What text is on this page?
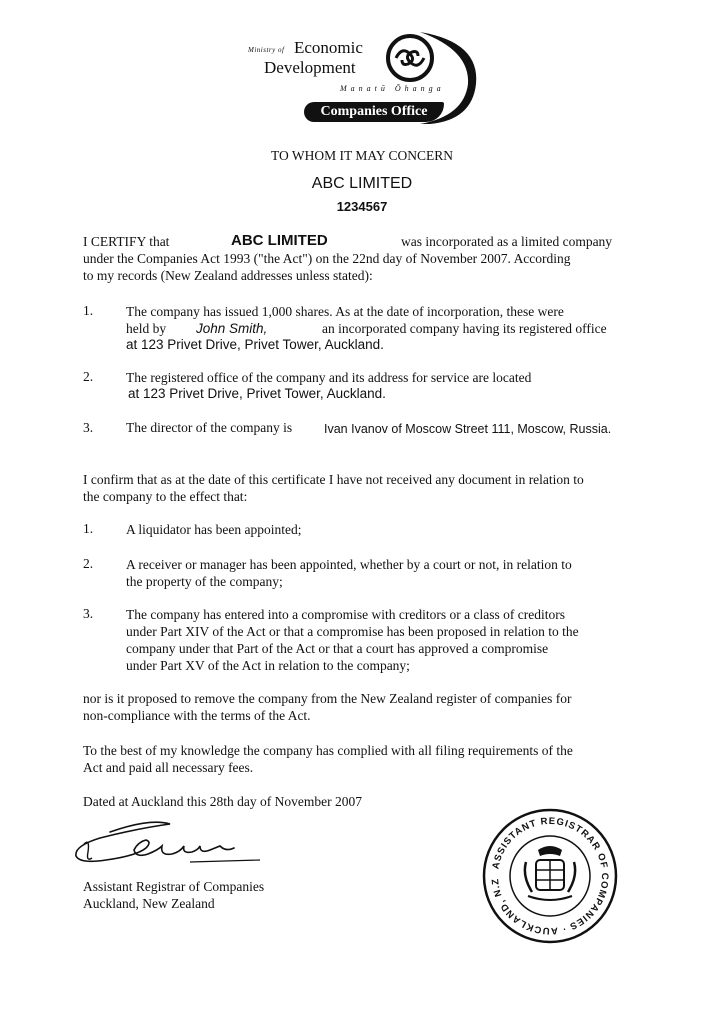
Ministry of Economic
Development
Manatū Ōhanga
Companies Office
TO WHOM IT MAY CONCERN
ABC LIMITED
1234567
I CERTIFY that	ABC LIMITED	was incorporated as a limited company
under the Companies Act 1993 ("the Act") on the 22nd day of November 2007. According
to my records (New Zealand addresses unless stated):
1. The company has issued 1,000 shares. As at the date of incorporation, these were
held by John Smith,	an incorporated company having its registered office
at 123 Privet Drive, Privet Tower, Auckland.
2. The registered office of the company and its address for service are located
at 123 Privet Drive, Privet Tower, Auckland.
3. The director of the company is	Ivan Ivanov of Moscow Street 111, Moscow, Russia.
I confirm that as at the date of this certificate I have not received any document in relation to
the company to the effect that:
1. A liquidator has been appointed;
2. A receiver or manager has been appointed, whether by a court or not, in relation to
the property of the company;
3. The company has entered into a compromise with creditors or a class of creditors
under Part XIV of the Act or that a compromise has been proposed in relation to the
company under that Part of the Act or that a court has approved a compromise
under Part XV of the Act in relation to the company;
nor is it proposed to remove the company from the New Zealand register of companies for
non-compliance with the terms of the Act.
To the best of my knowledge the company has complied with all filing requirements of the
Act and paid all necessary fees.
Dated at Auckland this 28th day of November 2007
Assistant Registrar of Companies
Auckland, New Zealand
ASSISTANT REGISTRAR OF COMPANIES · AUCKLAND, N.Z
